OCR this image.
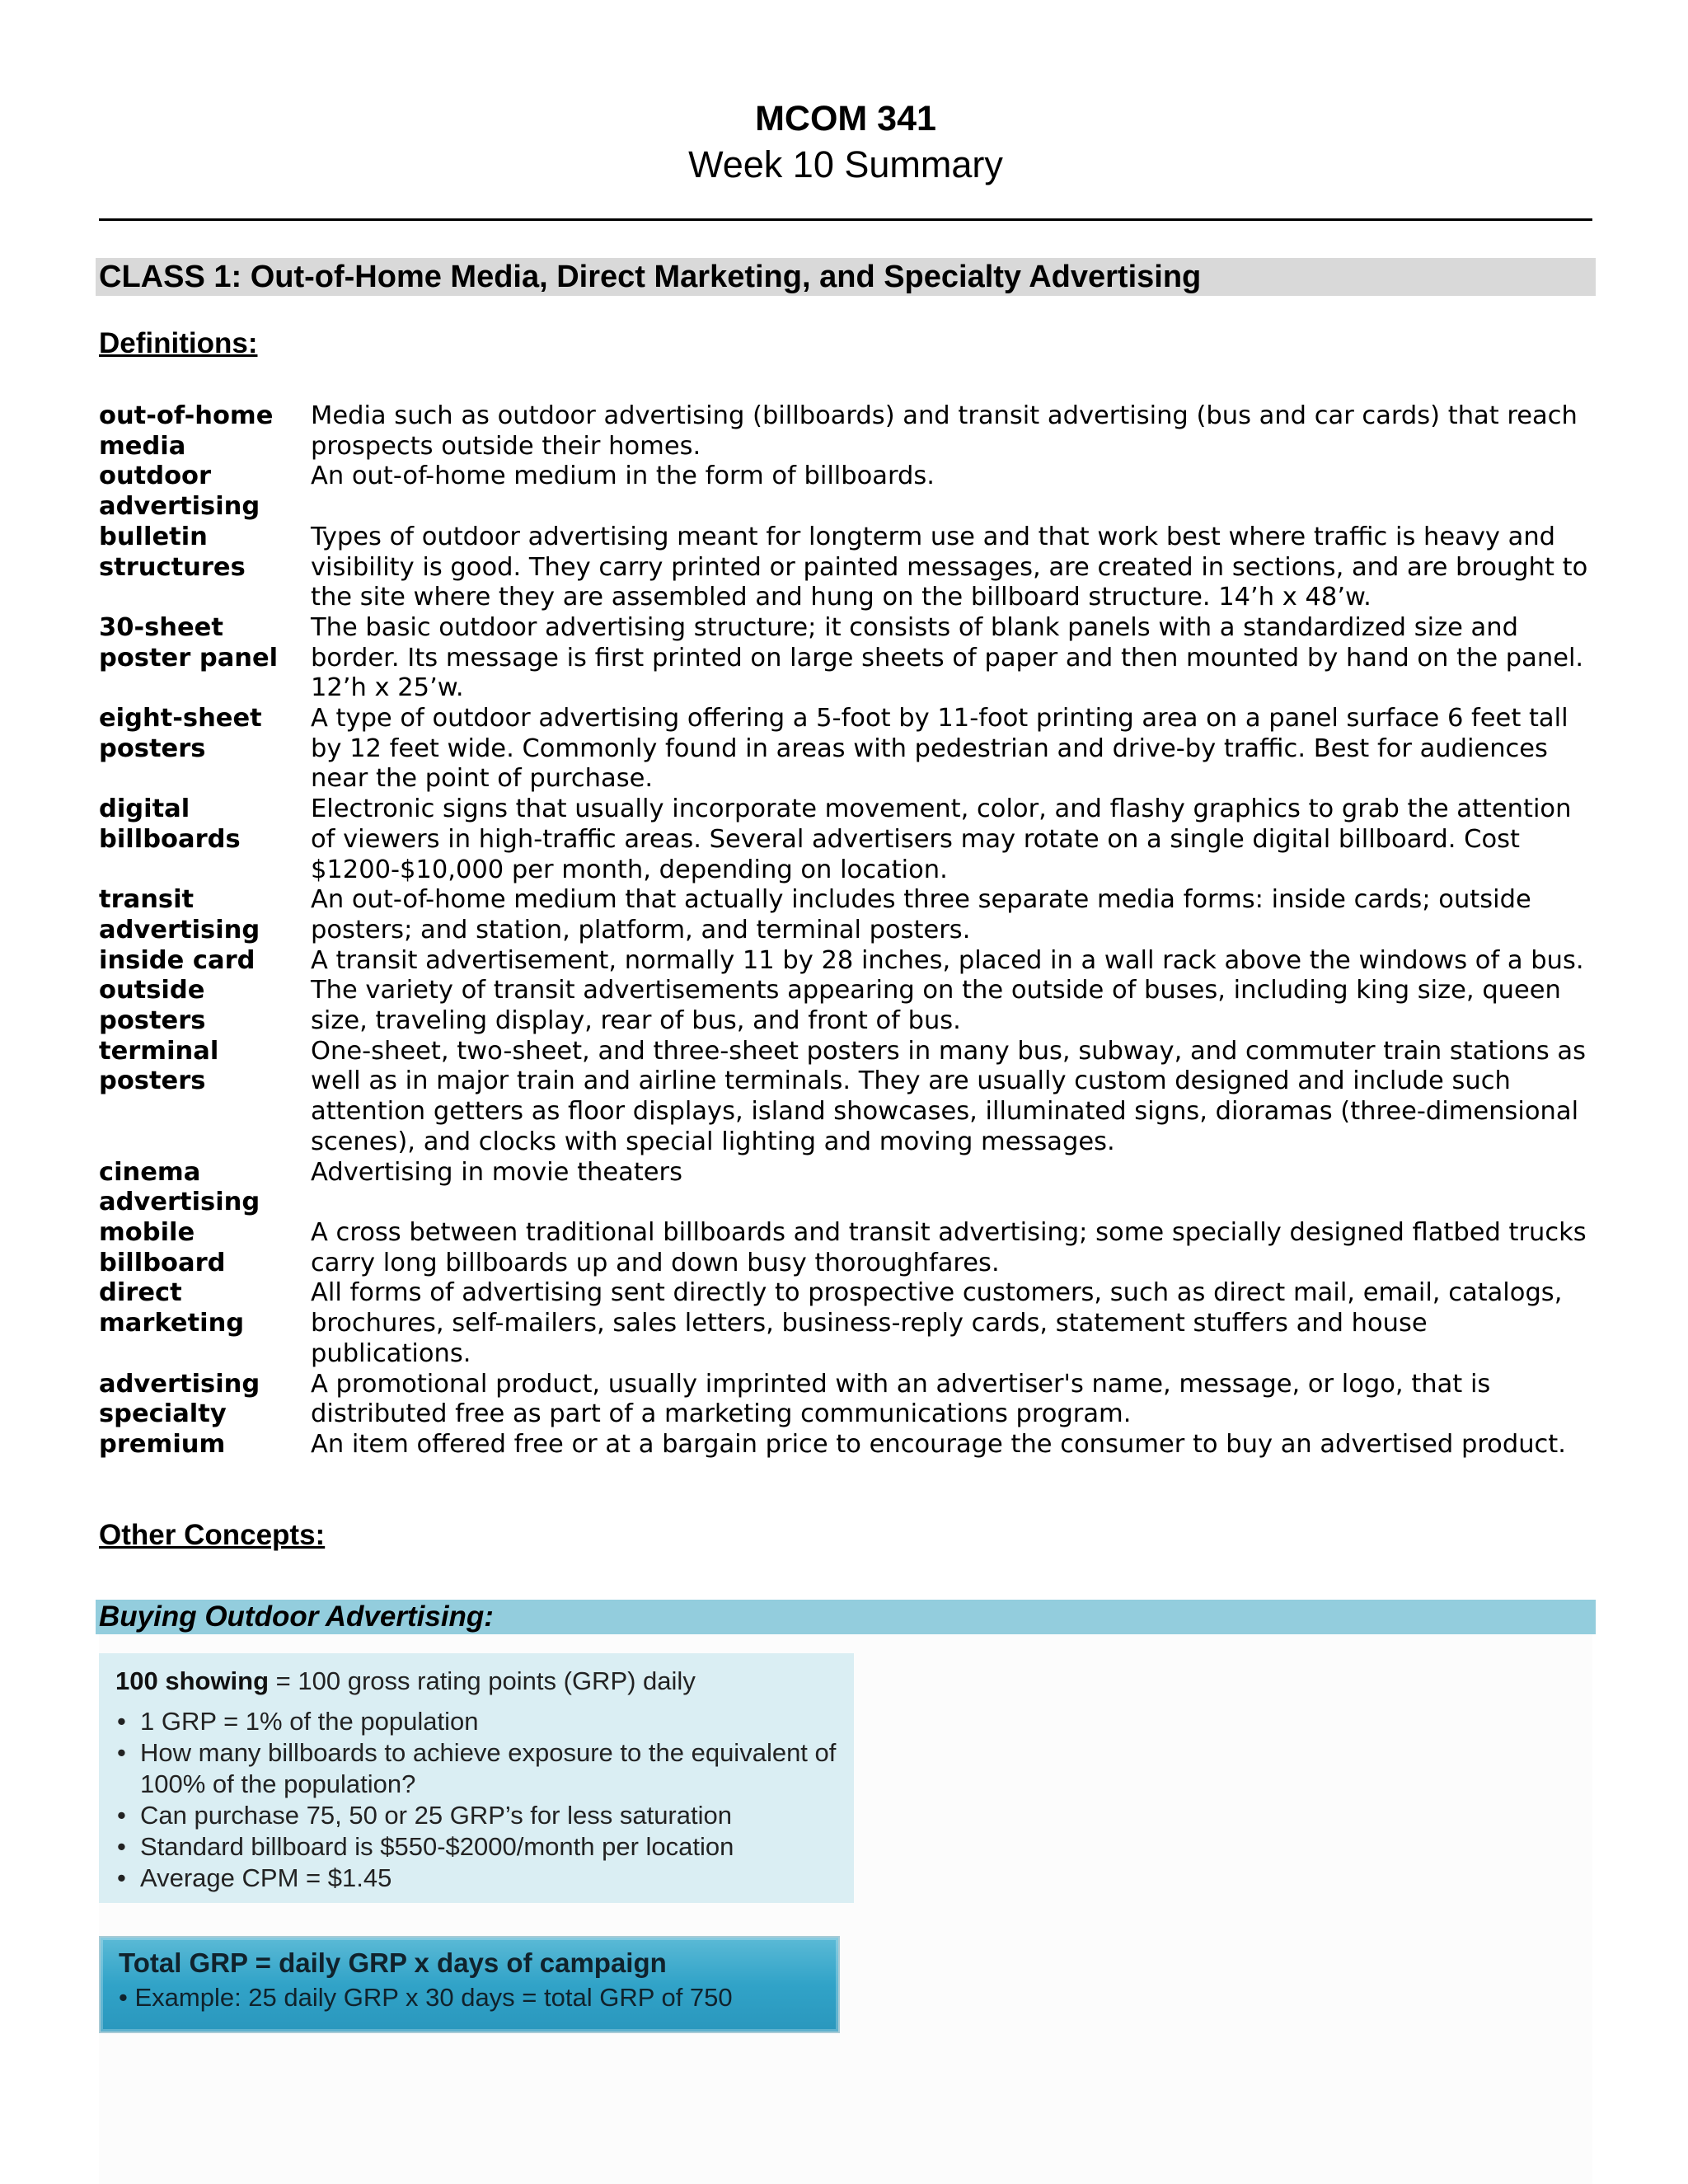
MCOM 341
Week 10 Summary
CLASS 1: Out-of-Home Media, Direct Marketing, and Specialty Advertising
Definitions:
out-of-home media
Media such as outdoor advertising (billboards) and transit advertising (bus and car cards) that reach prospects outside their homes.
outdoor advertising
An out-of-home medium in the form of billboards.
bulletin structures
Types of outdoor advertising meant for longterm use and that work best where traffic is heavy and visibility is good. They carry printed or painted messages, are created in sections, and are brought to the site where they are assembled and hung on the billboard structure. 14’h x 48’w.
30-sheet poster panel
The basic outdoor advertising structure; it consists of blank panels with a standardized size and border. Its message is first printed on large sheets of paper and then mounted by hand on the panel. 12’h x 25’w.
eight-sheet posters
A type of outdoor advertising offering a 5-foot by 11-foot printing area on a panel surface 6 feet tall by 12 feet wide. Commonly found in areas with pedestrian and drive-by traffic. Best for audiences near the point of purchase.
digital billboards
Electronic signs that usually incorporate movement, color, and flashy graphics to grab the attention of viewers in high-traffic areas. Several advertisers may rotate on a single digital billboard. Cost $1200-$10,000 per month, depending on location.
transit advertising
An out-of-home medium that actually includes three separate media forms: inside cards; outside posters; and station, platform, and terminal posters.
inside card	A transit advertisement, normally 11 by 28 inches, placed in a wall rack above the windows of a bus.
outside posters
The variety of transit advertisements appearing on the outside of buses, including king size, queen size, traveling display, rear of bus, and front of bus.
terminal posters
One-sheet, two-sheet, and three-sheet posters in many bus, subway, and commuter train stations as well as in major train and airline terminals. They are usually custom designed and include such attention getters as floor displays, island showcases, illuminated signs, dioramas (three-dimensional scenes), and clocks with special lighting and moving messages.
cinema advertising
Advertising in movie theaters
mobile billboard
A cross between traditional billboards and transit advertising; some specially designed flatbed trucks carry long billboards up and down busy thoroughfares.
direct marketing
All forms of advertising sent directly to prospective customers, such as direct mail, email, catalogs, brochures, self-mailers, sales letters, business-reply cards, statement stuffers and house publications.
advertising specialty
A promotional product, usually imprinted with an advertiser's name, message, or logo, that is distributed free as part of a marketing communications program.
premium	An item offered free or at a bargain price to encourage the consumer to buy an advertised product.
Other Concepts:
Buying Outdoor Advertising:
100 showing = 100 gross rating points (GRP) daily
• 1 GRP = 1% of the population
• How many billboards to achieve exposure to the equivalent of 100% of the population?
• Can purchase 75, 50 or 25 GRP’s for less saturation
• Standard billboard is $550-$2000/month per location
• Average CPM = $1.45
Total GRP = daily GRP x days of campaign
• Example: 25 daily GRP x 30 days = total GRP of 750
